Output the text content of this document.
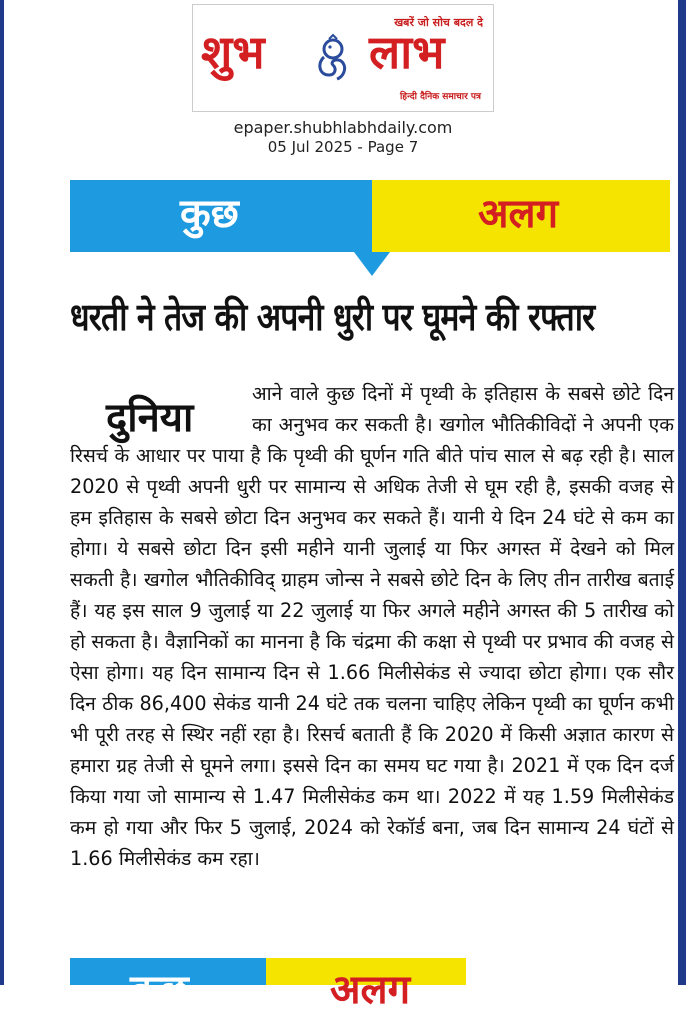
खबरें जो सोच बदल दे
शुभ लाभ
हिन्दी दैनिक समाचार पत्र
epaper.shubhlabhdaily.com
05 Jul 2025 - Page 7
कुछ	अलग
धरती ने तेज की अपनी धुरी पर घूमने की रफ्तार
दुनिया
आने वाले कुछ दिनों में पृथ्वी के इतिहास के सबसे छोटे दिन का अनुभव कर सकती है। खगोल भौतिकीविदों ने अपनी एक रिसर्च के आधार पर पाया है कि पृथ्वी की घूर्णन गति बीते पांच साल से बढ़ रही है। साल 2020 से पृथ्वी अपनी धुरी पर सामान्य से अधिक तेजी से घूम रही है, इसकी वजह से हम इतिहास के सबसे छोटा दिन अनुभव कर सकते हैं। यानी ये दिन 24 घंटे से कम का होगा। ये सबसे छोटा दिन इसी महीने यानी जुलाई या फिर अगस्त में देखने को मिल सकती है। खगोल भौतिकीविद् ग्राहम जोन्स ने सबसे छोटे दिन के लिए तीन तारीख बताई हैं। यह इस साल 9 जुलाई या 22 जुलाई या फिर अगले महीने अगस्त की 5 तारीख को हो सकता है। वैज्ञानिकों का मानना है कि चंद्रमा की कक्षा से पृथ्वी पर प्रभाव की वजह से ऐसा होगा। यह दिन सामान्य दिन से 1.66 मिलीसेकंड से ज्यादा छोटा होगा। एक सौर दिन ठीक 86,400 सेकंड यानी 24 घंटे तक चलना चाहिए लेकिन पृथ्वी का घूर्णन कभी भी पूरी तरह से स्थिर नहीं रहा है। रिसर्च बताती हैं कि 2020 में किसी अज्ञात कारण से हमारा ग्रह तेजी से घूमने लगा। इससे दिन का समय घट गया है। 2021 में एक दिन दर्ज किया गया जो सामान्य से 1.47 मिलीसेकंड कम था। 2022 में यह 1.59 मिलीसेकंड कम हो गया और फिर 5 जुलाई, 2024 को रेकॉर्ड बना, जब दिन सामान्य 24 घंटों से 1.66 मिलीसेकंड कम रहा।
कुछ	अलग
